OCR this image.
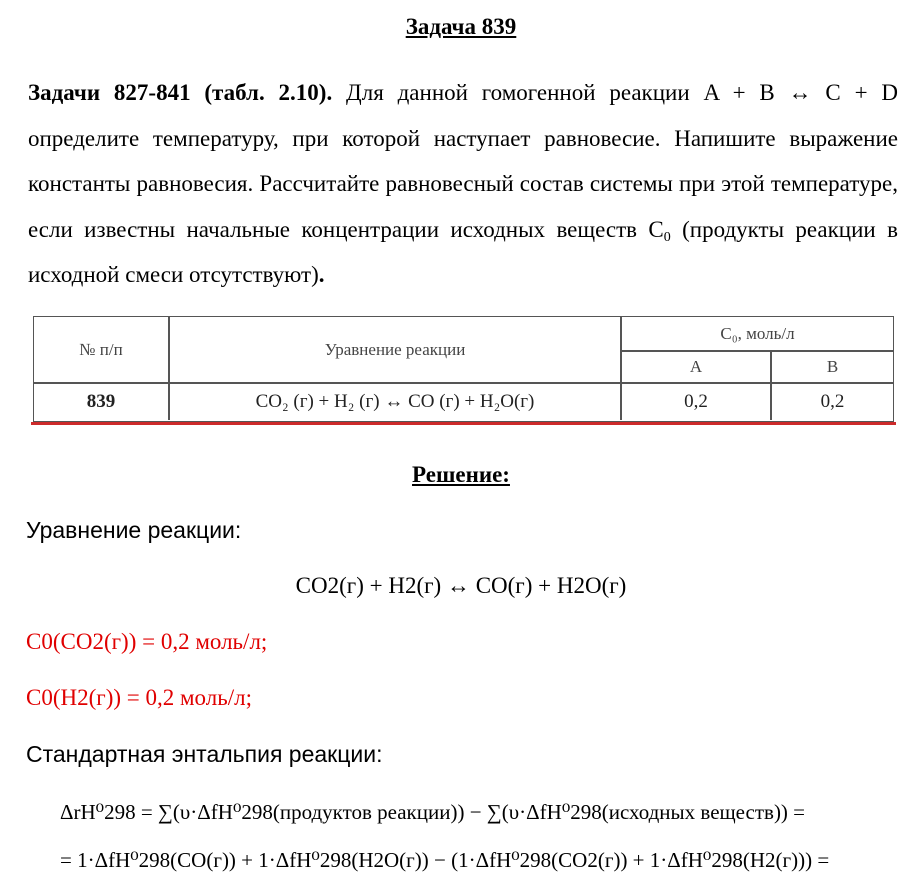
Задача 839
Задачи 827-841 (табл. 2.10). Для данной гомогенной реакции A + B ↔ C + D определите температуру, при которой наступает равновесие. Напишите выражение константы равновесия. Рассчитайте равновесный состав системы при этой температуре, если известны начальные концентрации исходных веществ $C_0$ (продукты реакции в исходной смеси отсутствуют).
№ п/п	Уравнение реакции
C₀, моль/л
A	B
839	CO₂ (г) + H₂ (г) ↔ CO (г) + H₂O(г)	0,2	0,2
Решение:
Уравнение реакции:
CO2(г) + H2(г) ↔ CO(г) + H2O(г)
C0(CO2(г)) = 0,2 моль/л;
C0(H2(г)) = 0,2 моль/л;
Стандартная энтальпия реакции:
ΔrH⁰298 = ∑(υ·ΔfH⁰298(продуктов реакции)) − ∑(υ·ΔfH⁰298(исходных веществ)) =
= 1·ΔfH⁰298(CO(г)) + 1·ΔfH⁰298(H2O(г)) − (1·ΔfH⁰298(CO2(г)) + 1·ΔfH⁰298(H2(г))) =
